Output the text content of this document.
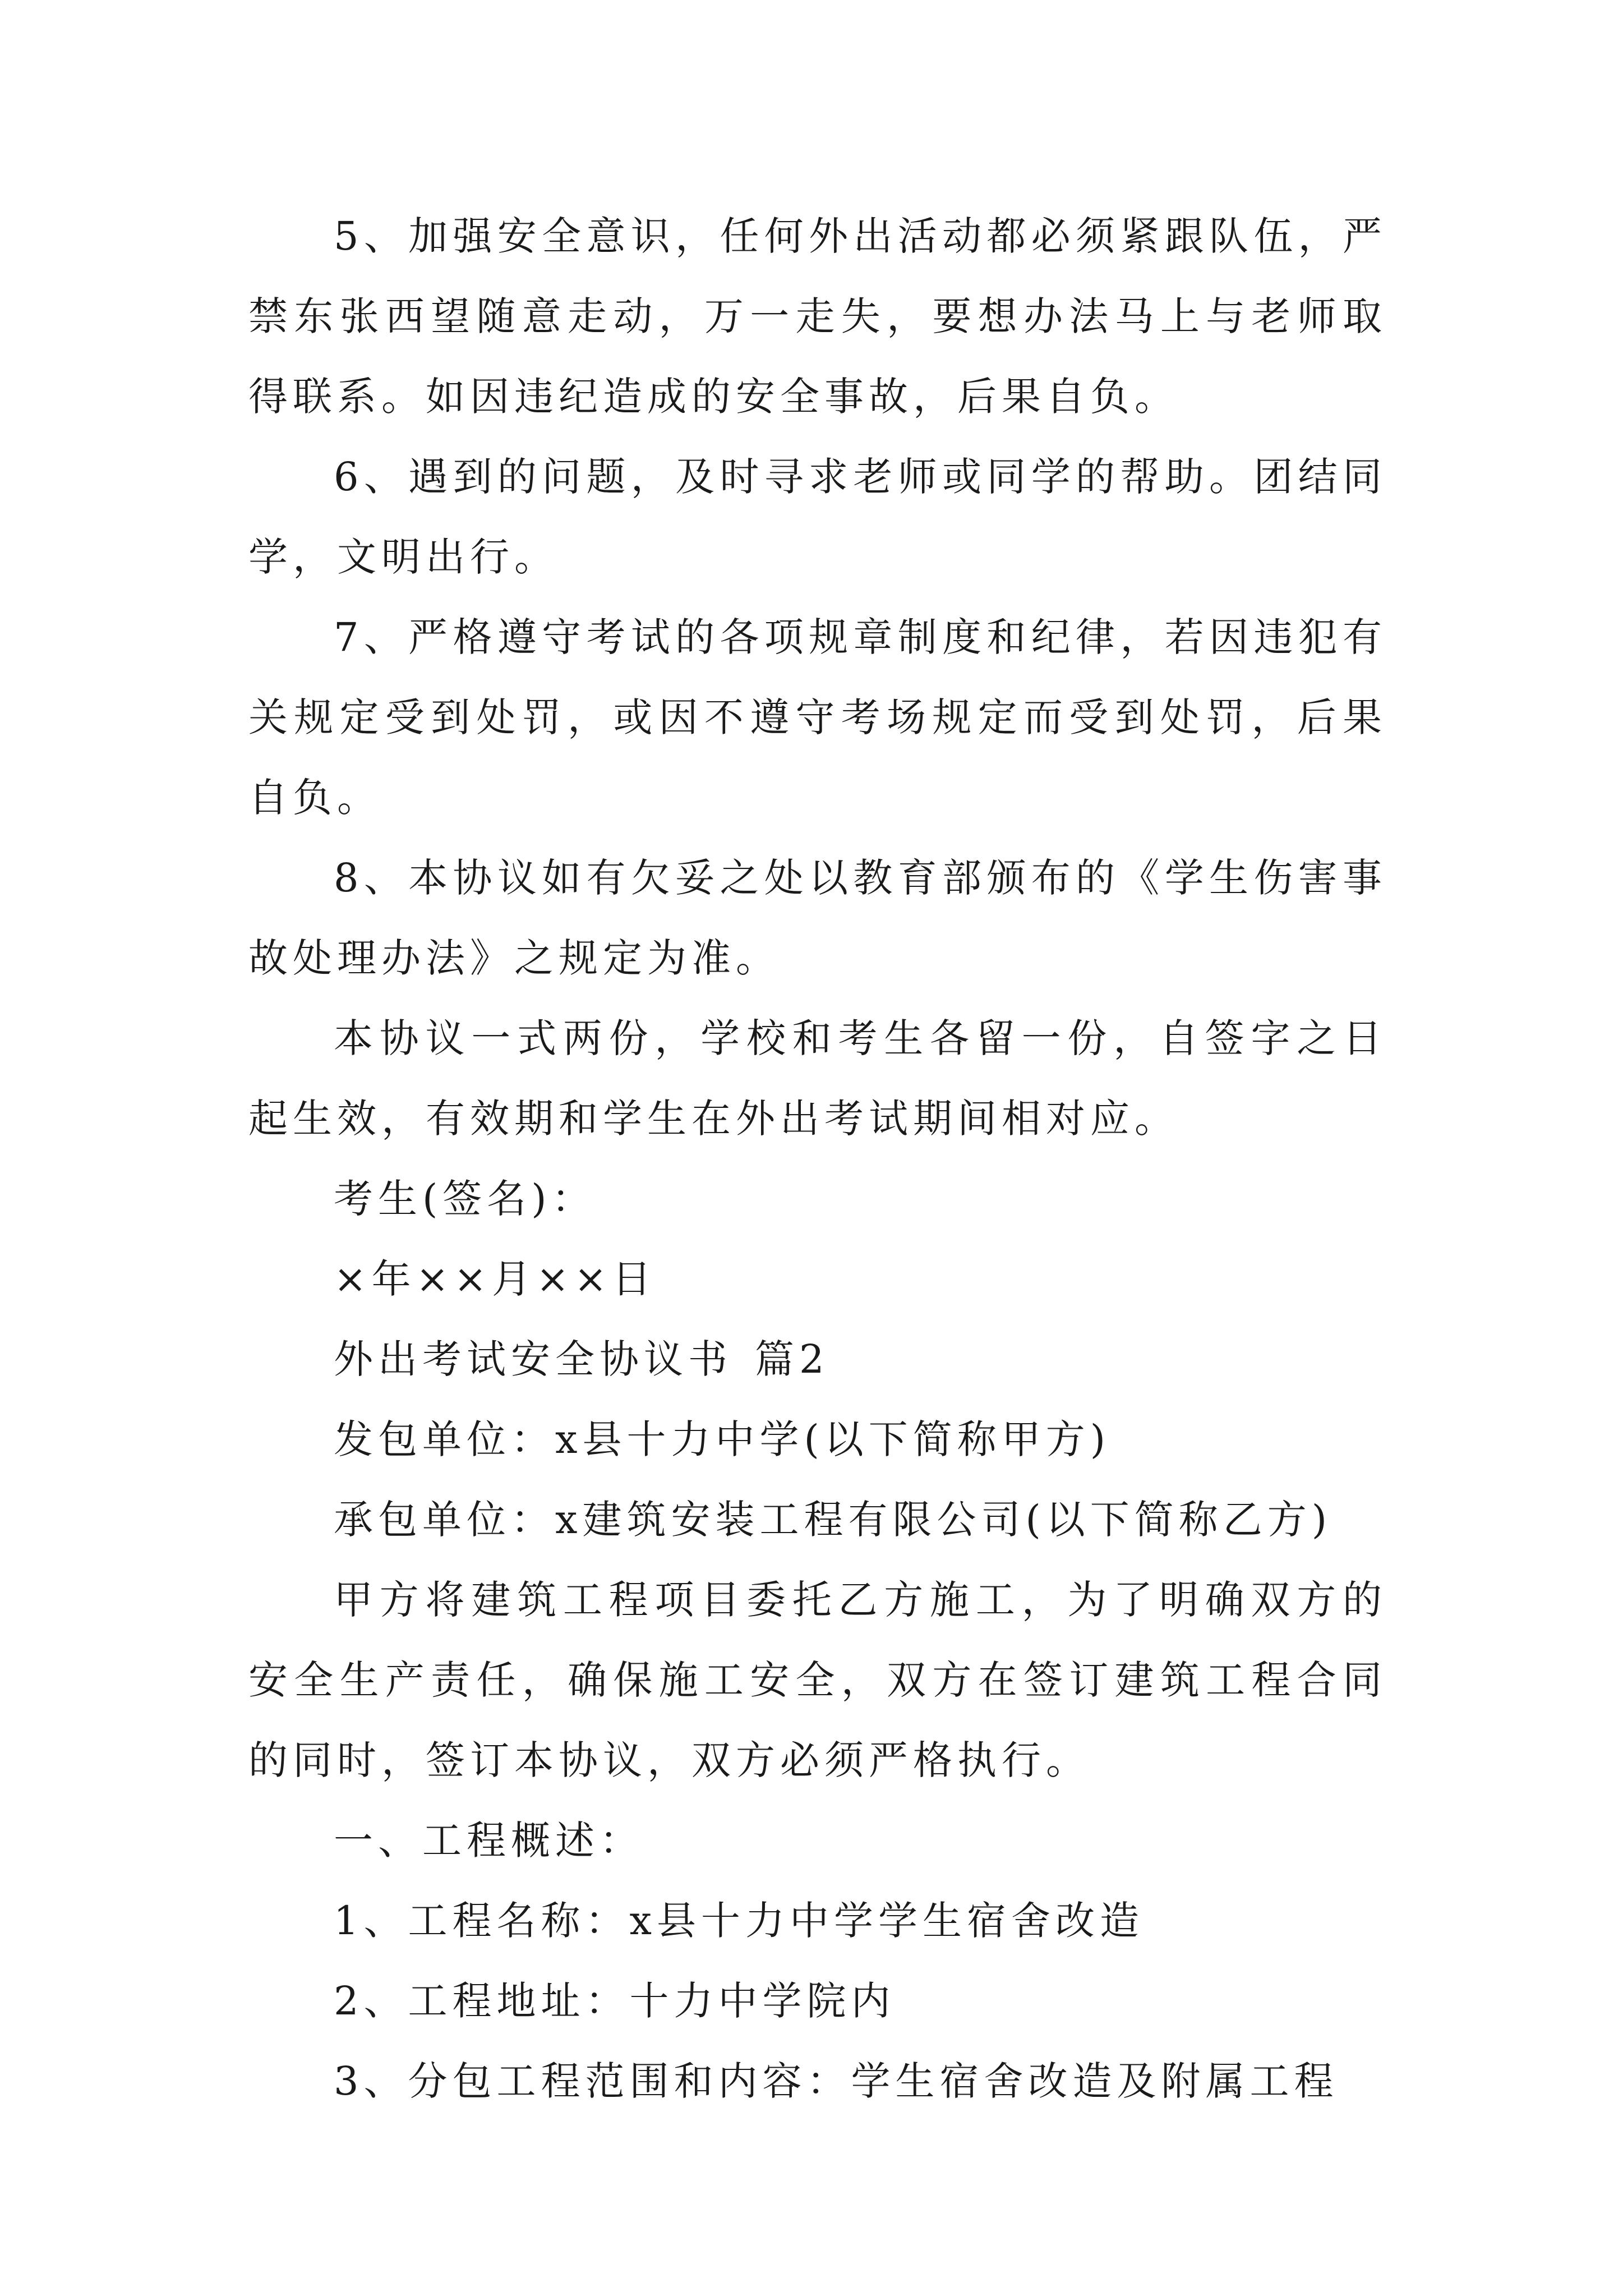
5、加强安全意识，任何外出活动都必须紧跟队伍，严禁东张西望随意走动，万一走失，要想办法马上与老师取得联系。如因违纪造成的安全事故，后果自负。

6、遇到的问题，及时寻求老师或同学的帮助。团结同学，文明出行。

7、严格遵守考试的各项规章制度和纪律，若因违犯有关规定受到处罚，或因不遵守考场规定而受到处罚，后果自负。

8、本协议如有欠妥之处以教育部颁布的《学生伤害事故处理办法》之规定为准。

本协议一式两份，学校和考生各留一份，自签字之日起生效，有效期和学生在外出考试期间相对应。

考生(签名)：

×年××月××日

外出考试安全协议书 篇2

发包单位：x县十力中学(以下简称甲方)

承包单位：x建筑安装工程有限公司(以下简称乙方)

甲方将建筑工程项目委托乙方施工，为了明确双方的安全生产责任，确保施工安全，双方在签订建筑工程合同的同时，签订本协议，双方必须严格执行。

一、工程概述：

1、工程名称：x县十力中学学生宿舍改造

2、工程地址：十力中学院内

3、分包工程范围和内容：学生宿舍改造及附属工程
